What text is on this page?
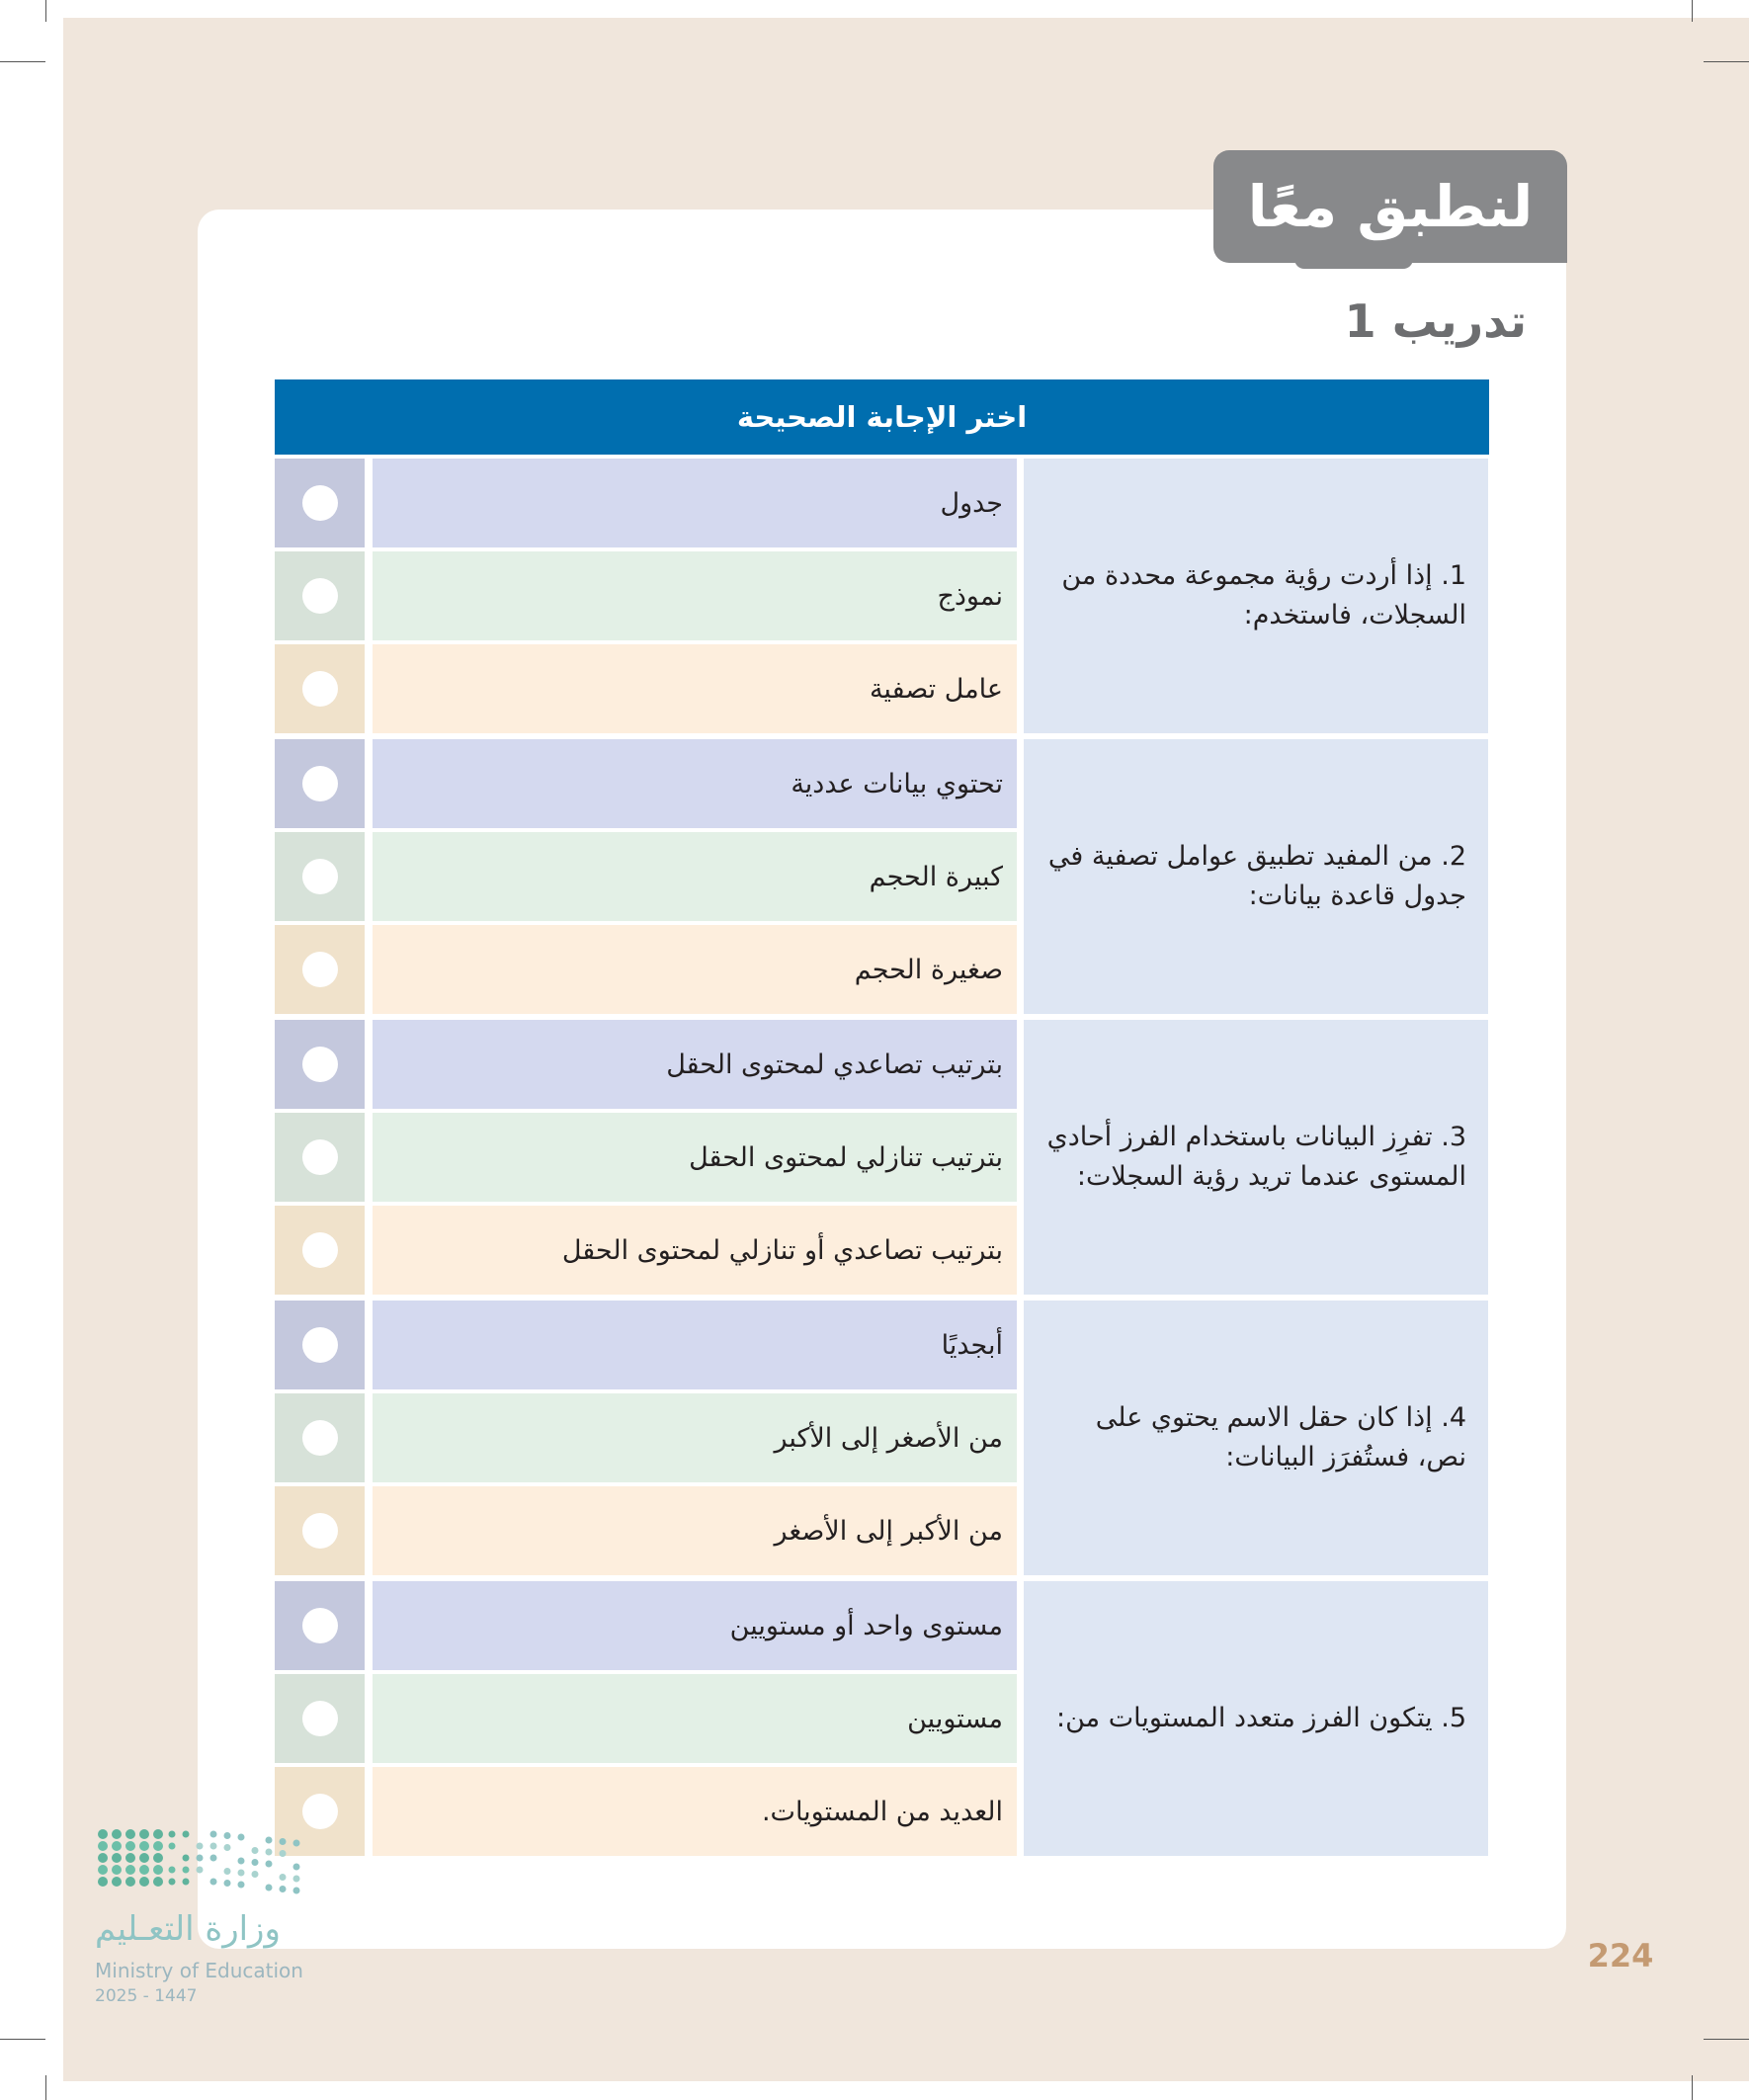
لنطبق معًا
تدريب 1
اختر الإجابة الصحيحة
1. إذا أردت رؤية مجموعة محددة من السجلات، فاستخدم:
جدول
نموذج
عامل تصفية
2. من المفيد تطبيق عوامل تصفية في جدول قاعدة بيانات:
تحتوي بيانات عددية
كبيرة الحجم
صغيرة الحجم
3. تفرِز البيانات باستخدام الفرز أحادي المستوى عندما تريد رؤية السجلات:
بترتيب تصاعدي لمحتوى الحقل
بترتيب تنازلي لمحتوى الحقل
بترتيب تصاعدي أو تنازلي لمحتوى الحقل
4. إذا كان حقل الاسم يحتوي على نص، فستُفرَز البيانات:
أبجديًا
من الأصغر إلى الأكبر
من الأكبر إلى الأصغر
5. يتكون الفرز متعدد المستويات من:
مستوى واحد أو مستويين
مستويين
العديد من المستويات.
224
وزارة التعـليم
Ministry of Education
2025 - 1447
